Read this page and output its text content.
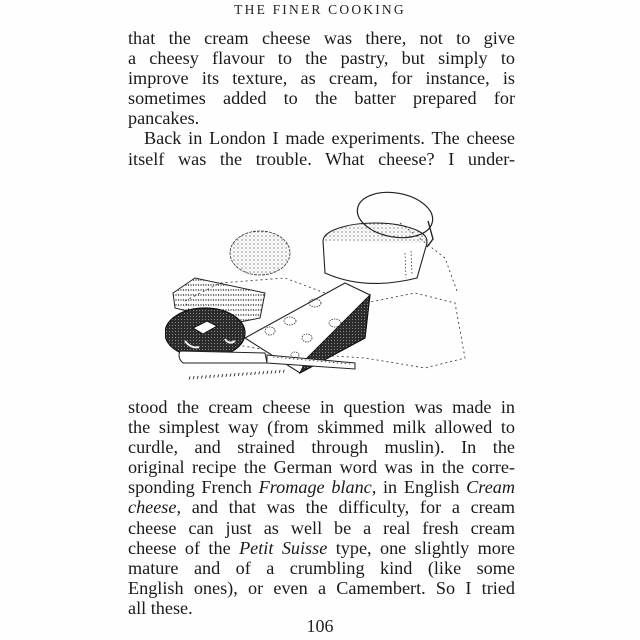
THE FINER COOKING
that the cream cheese was there, not to give
a cheesy flavour to the pastry, but simply to
improve its texture, as cream, for instance, is
sometimes added to the batter prepared for
pancakes.
Back in London I made experiments. The cheese
itself was the trouble. What cheese? I under-
stood the cream cheese in question was made in
the simplest way (from skimmed milk allowed to
curdle, and strained through muslin). In the
original recipe the German word was in the corre-
sponding French Fromage blanc, in English Cream
cheese, and that was the difficulty, for a cream
cheese can just as well be a real fresh cream
cheese of the Petit Suisse type, one slightly more
mature and of a crumbling kind (like some
English ones), or even a Camembert. So I tried
all these.
106
